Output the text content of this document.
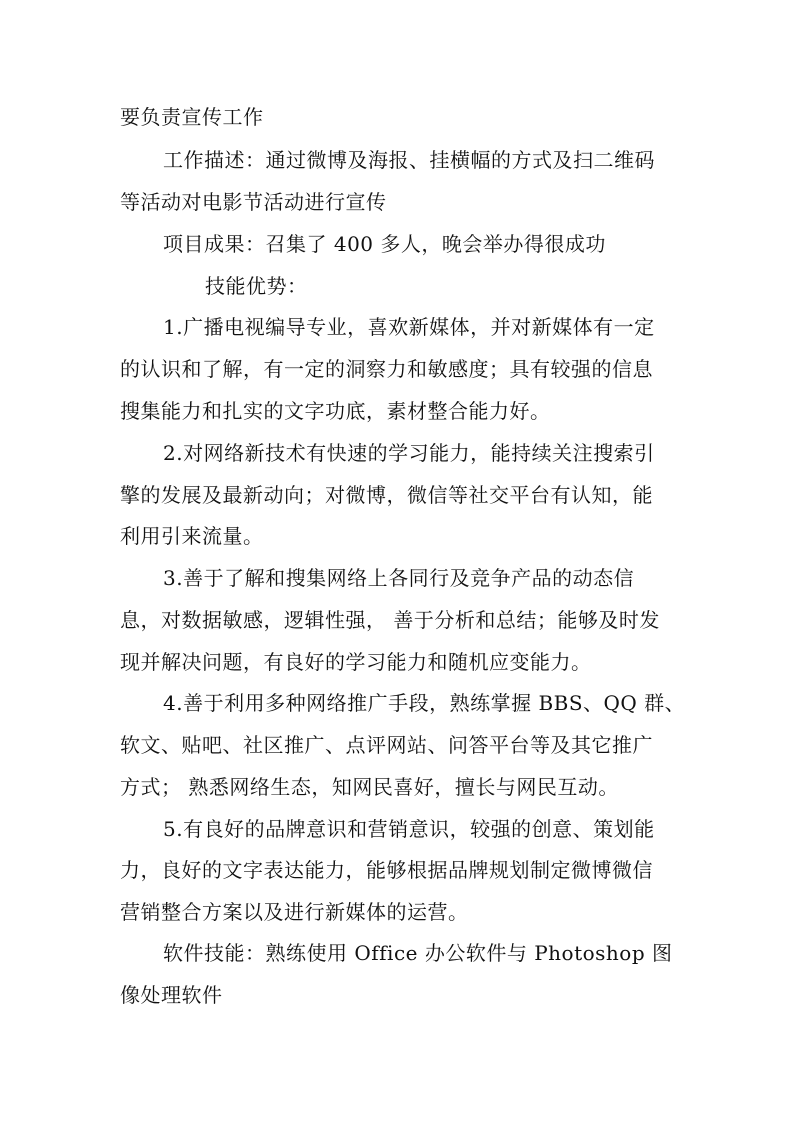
要负责宣传工作
工作描述：通过微博及海报、挂横幅的方式及扫二维码
等活动对电影节活动进行宣传
项目成果：召集了 400 多人，晚会举办得很成功
技能优势：
1.广播电视编导专业，喜欢新媒体，并对新媒体有一定
的认识和了解，有一定的洞察力和敏感度；具有较强的信息
搜集能力和扎实的文字功底，素材整合能力好。
2.对网络新技术有快速的学习能力，能持续关注搜索引
擎的发展及最新动向；对微博，微信等社交平台有认知，能
利用引来流量。
3.善于了解和搜集网络上各同行及竞争产品的动态信
息，对数据敏感，逻辑性强， 善于分析和总结；能够及时发
现并解决问题，有良好的学习能力和随机应变能力。
4.善于利用多种网络推广手段，熟练掌握 BBS、QQ 群、
软文、贴吧、社区推广、点评网站、问答平台等及其它推广
方式； 熟悉网络生态，知网民喜好，擅长与网民互动。
5.有良好的品牌意识和营销意识，较强的创意、策划能
力，良好的文字表达能力，能够根据品牌规划制定微博微信
营销整合方案以及进行新媒体的运营。
软件技能：熟练使用 Office 办公软件与 Photoshop 图
像处理软件
